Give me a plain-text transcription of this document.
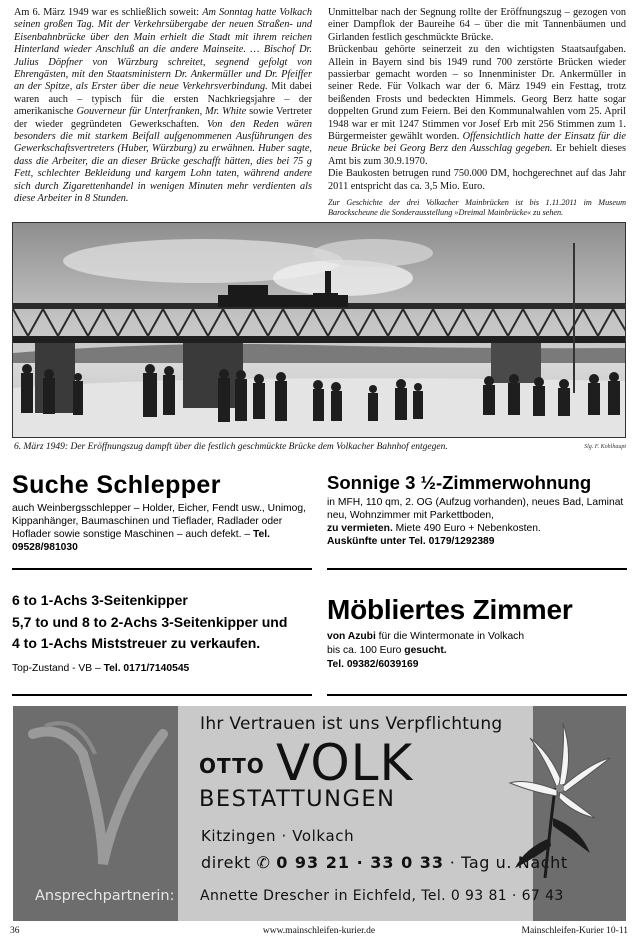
Am 6. März 1949 war es schließlich soweit: Am Sonntag hatte Volkach seinen großen Tag. Mit der Verkehrsübergabe der neuen Straßen- und Eisenbahnbrücke über den Main erhielt die Stadt mit ihrem reichen Hinterland wieder Anschluß an die andere Mainseite. … Bischof Dr. Julius Döpfner von Würzburg schreitet, segnend gefolgt von Ehrengästen, mit den Staatsministern Dr. Ankermüller und Dr. Pfeiffer an der Spitze, als Erster über die neue Verkehrsverbindung. Mit dabei waren auch – typisch für die ersten Nachkriegsjahre – der amerikanische Gouverneur für Unterfranken, Mr. White sowie Vertreter der wieder gegründeten Gewerkschaften. Von den Reden wären besonders die mit starkem Beifall aufgenommenen Ausführungen des Gewerkschaftsvertreters (Huber, Würzburg) zu erwähnen. Huber sagte, dass die Arbeiter, die an dieser Brücke geschafft hätten, dies bei 75 g Fett, schlechter Bekleidung und kargem Lohn taten, während andere sich durch Zigarettenhandel in wenigen Minuten mehr verdienten als diese Arbeiter in 8 Stunden.

Unmittelbar nach der Segnung rollte der Eröffnungszug – gezogen von einer Dampflok der Baureihe 64 – über die mit Tannenbäumen und Girlanden festlich geschmückte Brücke.

Brückenbau gehörte seinerzeit zu den wichtigsten Staatsaufgaben. Allein in Bayern sind bis 1949 rund 700 zerstörte Brücken wieder passierbar gemacht worden – so Innenminister Dr. Ankermüller in seiner Rede. Für Volkach war der 6. März 1949 ein Festtag, trotz beißenden Frosts und bedeckten Himmels. Georg Berz hatte sogar doppelten Grund zum Feiern. Bei den Kommunalwahlen vom 25. April 1948 war er mit 1247 Stimmen vor Josef Erb mit 256 Stimmen zum 1. Bürgermeister gewählt worden. Offensichtlich hatte der Einsatz für die neue Brücke bei Georg Berz den Ausschlag gegeben. Er behielt dieses Amt bis zum 30.9.1970.

Die Baukosten betrugen rund 750.000 DM, hochgerechnet auf das Jahr 2011 entspricht das ca. 3,5 Mio. Euro.

Zur Geschichte der drei Volkacher Mainbrücken ist bis 1.11.2011 im Museum Barockscheune die Sonderausstellung »Dreimal Mainbrücke« zu sehen.

6. März 1949: Der Eröffnungszug dampft über die festlich geschmückte Brücke dem Volkacher Bahnhof entgegen.	Slg. F. Kohlhaupt
Suche Schlepper
auch Weinbergsschlepper – Holder, Eicher, Fendt usw., Unimog, Kippanhänger, Baumaschinen und Tieflader, Radlader oder Hoflader sowie sonstige Maschinen – auch defekt. – Tel. 09528/981030
Sonnige 3 ½-Zimmerwohnung
in MFH, 110 qm, 2. OG (Aufzug vorhanden), neues Bad, Laminat neu, Wohnzimmer mit Parkettboden,
zu vermieten. Miete 490 Euro + Nebenkosten.
Auskünfte unter Tel. 0179/1292389
6 to 1-Achs 3-Seitenkipper
5,7 to und 8 to 2-Achs 3-Seitenkipper und
4 to 1-Achs Miststreuer zu verkaufen.
Top-Zustand - VB – Tel. 0171/7140545
Möbliertes Zimmer
von Azubi für die Wintermonate in Volkach
bis ca. 100 Euro gesucht.
Tel. 09382/6039169
Ihr Vertrauen ist uns Verpflichtung
OTTO VOLK
BESTATTUNGEN
Kitzingen · Volkach
direkt ✆ 0 93 21 · 33 0 33 · Tag u. Nacht
Ansprechpartnerin: Annette Drescher in Eichfeld, Tel. 0 93 81 · 67 43
36	www.mainschleifen-kurier.de	Mainschleifen-Kurier 10-11
